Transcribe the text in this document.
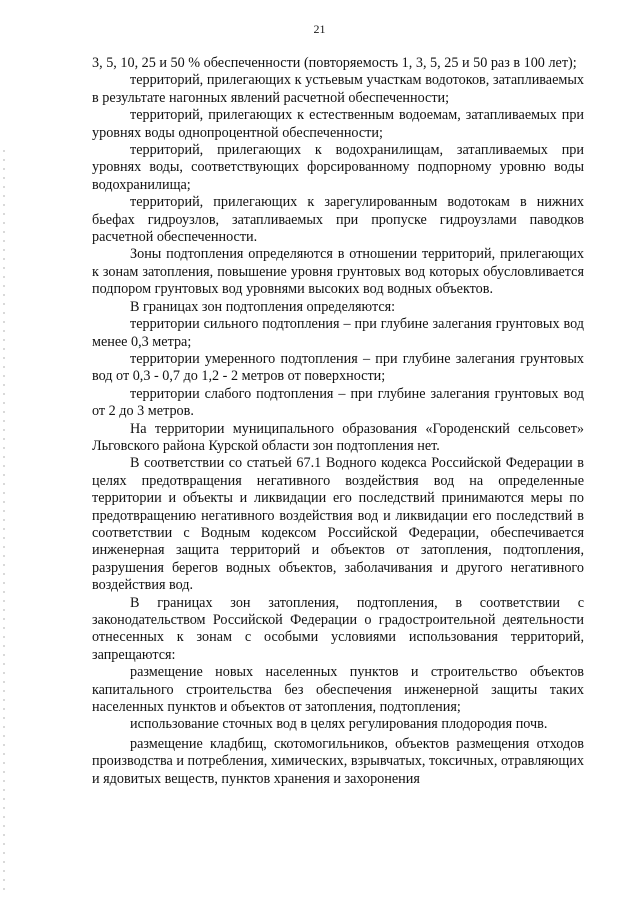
21

3, 5, 10, 25 и 50 % обеспеченности (повторяемость 1, 3, 5, 25 и 50 раз в 100 лет);

территорий, прилегающих к устьевым участкам водотоков, затапливаемых в результате нагонных явлений расчетной обеспеченности;

территорий, прилегающих к естественным водоемам, затапливаемых при уровнях воды однопроцентной обеспеченности;

территорий, прилегающих к водохранилищам, затапливаемых при уровнях воды, соответствующих форсированному подпорному уровню воды водохранилища;

территорий, прилегающих к зарегулированным водотокам в нижних бьефах гидроузлов, затапливаемых при пропуске гидроузлами паводков расчетной обеспеченности.

Зоны подтопления определяются в отношении территорий, прилегающих к зонам затопления, повышение уровня грунтовых вод которых обусловливается подпором грунтовых вод уровнями высоких вод водных объектов.

В границах зон подтопления определяются:

территории сильного подтопления – при глубине залегания грунтовых вод менее 0,3 метра;

территории умеренного подтопления – при глубине залегания грунтовых вод от 0,3 - 0,7 до 1,2 - 2 метров от поверхности;

территории слабого подтопления – при глубине залегания грунтовых вод от 2 до 3 метров.

На территории муниципального образования «Городенский сельсовет» Льговского района Курской области зон подтопления нет.

В соответствии со статьей 67.1 Водного кодекса Российской Федерации в целях предотвращения негативного воздействия вод на определенные территории и объекты и ликвидации его последствий принимаются меры по предотвращению негативного воздействия вод и ликвидации его последствий в соответствии с Водным кодексом Российской Федерации, обеспечивается инженерная защита территорий и объектов от затопления, подтопления, разрушения берегов водных объектов, заболачивания и другого негативного воздействия вод.

В границах зон затопления, подтопления, в соответствии с законодательством Российской Федерации о градостроительной деятельности отнесенных к зонам с особыми условиями использования территорий, запрещаются:

размещение новых населенных пунктов и строительство объектов капитального строительства без обеспечения инженерной защиты таких населенных пунктов и объектов от затопления, подтопления;

использование сточных вод в целях регулирования плодородия почв.

размещение кладбищ, скотомогильников, объектов размещения отходов производства и потребления, химических, взрывчатых, токсичных, отравляющих и ядовитых веществ, пунктов хранения и захоронения
